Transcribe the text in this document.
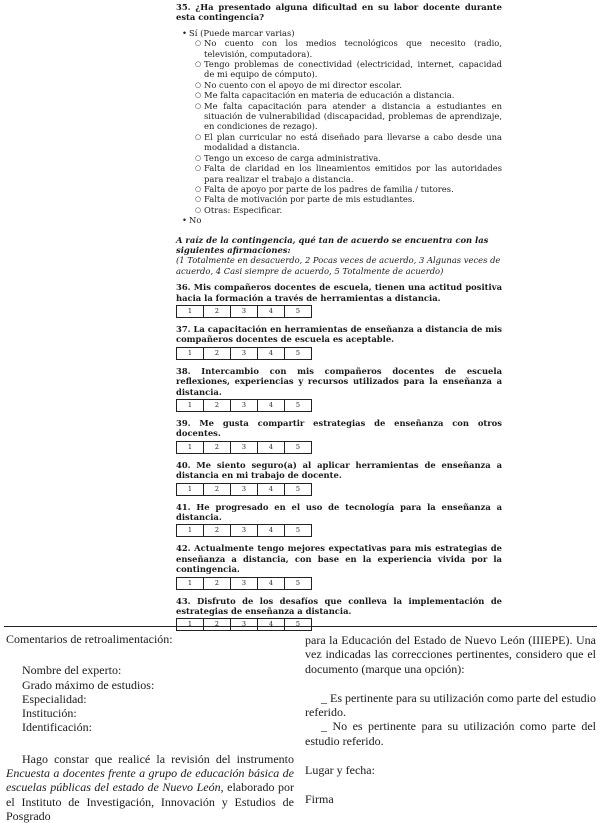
35. ¿Ha presentado alguna dificultad en su labor docente durante esta contingencia?

• Sí (Puede marcar varias)
○ No cuento con los medios tecnológicos que necesito (radio, televisión, computadora).
○ Tengo problemas de conectividad (electricidad, internet, capacidad de mi equipo de cómputo).
○ No cuento con el apoyo de mi director escolar.
○ Me falta capacitación en materia de educación a distancia.
○ Me falta capacitación para atender a distancia a estudiantes en situación de vulnerabilidad (discapacidad, problemas de aprendizaje, en condiciones de rezago).
○ El plan curricular no está diseñado para llevarse a cabo desde una modalidad a distancia.
○ Tengo un exceso de carga administrativa.
○ Falta de claridad en los lineamientos emitidos por las autoridades para realizar el trabajo a distancia.
○ Falta de apoyo por parte de los padres de familia / tutores.
○ Falta de motivación por parte de mis estudiantes.
○ Otras: Especificar.
• No
A raíz de la contingencia, qué tan de acuerdo se encuentra con las siguientes afirmaciones:
(1 Totalmente en desacuerdo, 2 Pocas veces de acuerdo, 3 Algunas veces de acuerdo, 4 Casi siempre de acuerdo, 5 Totalmente de acuerdo)

36. Mis compañeros docentes de escuela, tienen una actitud positiva hacia la formación a través de herramientas a distancia.

1	2	3	4	5

37. La capacitación en herramientas de enseñanza a distancia de mis compañeros docentes de escuela es aceptable.

1	2	3	4	5

38. Intercambio con mis compañeros docentes de escuela reflexiones, experiencias y recursos utilizados para la enseñanza a distancia.

1	2	3	4	5

39. Me gusta compartir estrategias de enseñanza con otros docentes.

1	2	3	4	5

40. Me siento seguro(a) al aplicar herramientas de enseñanza a distancia en mi trabajo de docente.

1	2	3	4	5

41. He progresado en el uso de tecnología para la enseñanza a distancia.

1	2	3	4	5

42. Actualmente tengo mejores expectativas para mis estrategias de enseñanza a distancia, con base en la experiencia vivida por la contingencia.

1	2	3	4	5

43. Disfruto de los desafíos que conlleva la implementación de estrategias de enseñanza a distancia.

1	2	3	4	5
Comentarios de retroalimentación:
Nombre del experto:
Grado máximo de estudios:
Especialidad:
Institución:
Identificación:
Hago constar que realicé la revisión del instrumento Encuesta a docentes frente a grupo de educación básica de escuelas públicas del estado de Nuevo León, elaborado por el Instituto de Investigación, Innovación y Estudios de Posgrado
para la Educación del Estado de Nuevo León (IIIEPE). Una vez indicadas las correcciones pertinentes, considero que el documento (marque una opción):
_ Es pertinente para su utilización como parte del estudio referido.
_ No es pertinente para su utilización como parte del estudio referido.
Lugar y fecha:
Firma
